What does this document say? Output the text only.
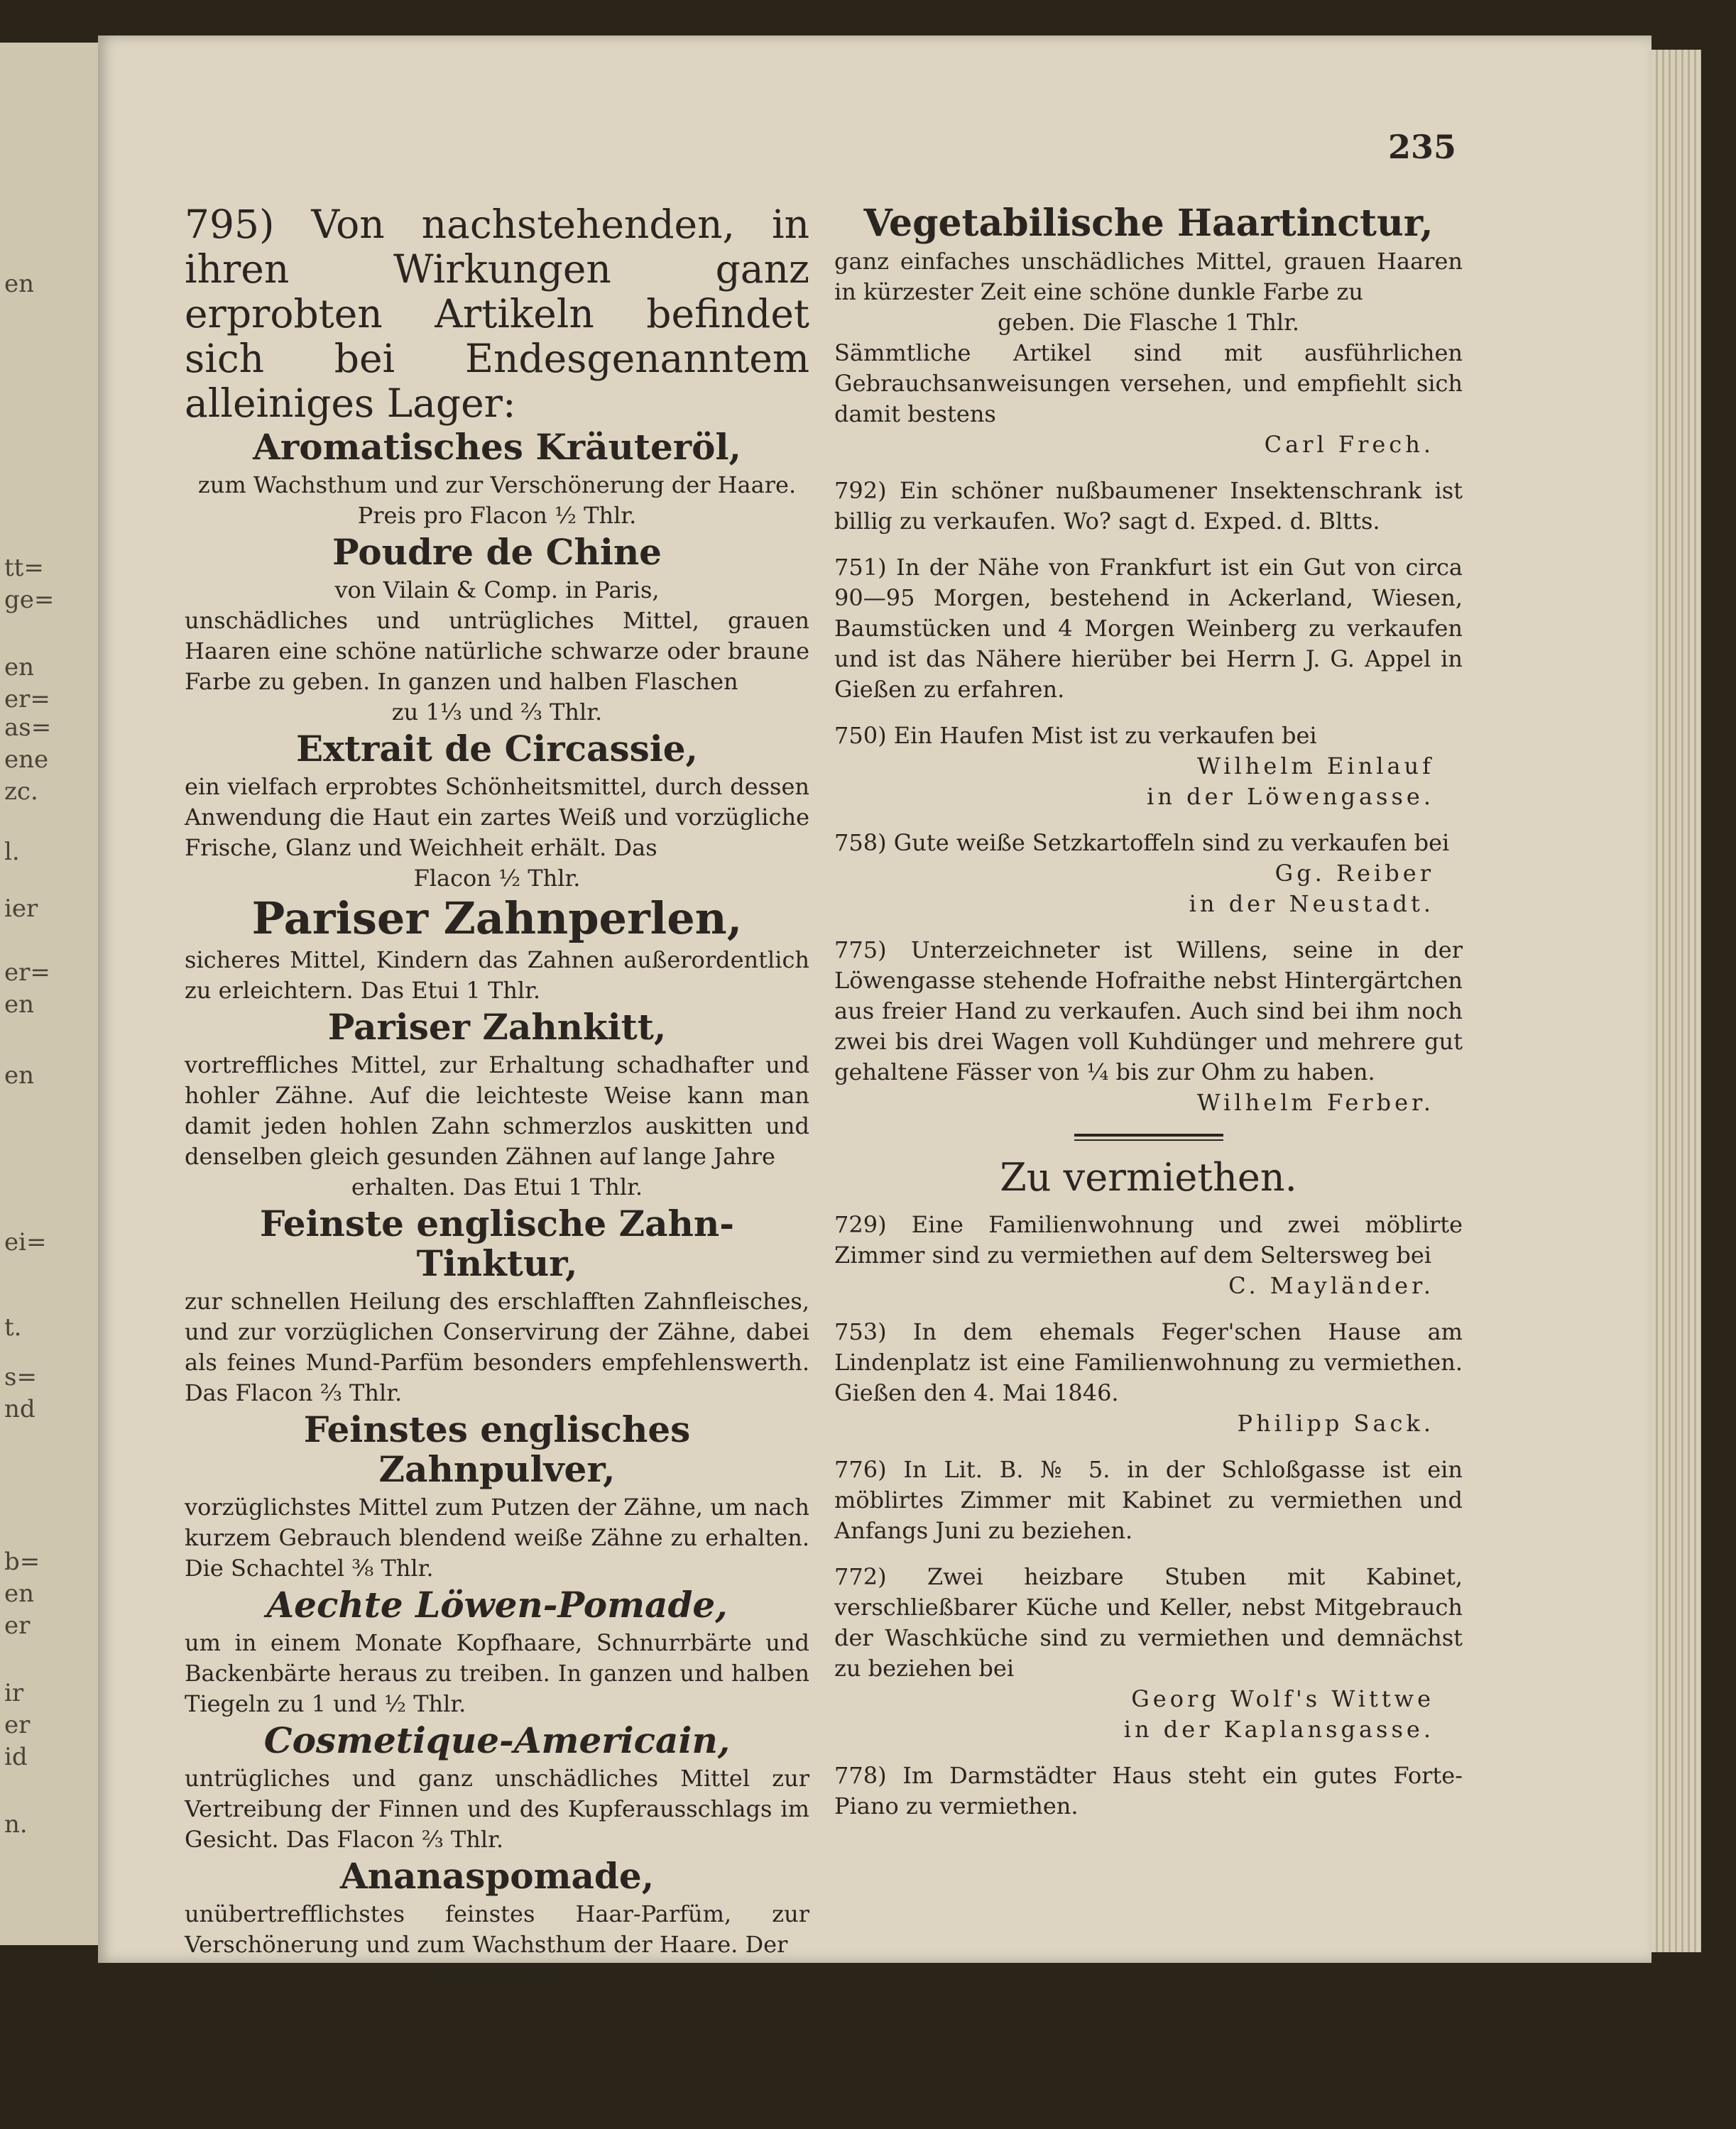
en
tt=
ge=
en
er=
as=
ene
zc.
l.
ier
er=
en
en
ei=
t.
s=
nd
b=
en
er
ir
er
id
n.
235

795) Von nachstehenden, in ihren Wirkungen ganz erprobten Artikeln befindet sich bei Endesgenanntem alleiniges Lager:

Aromatisches Kräuteröl,

zum Wachsthum und zur Verschönerung der Haare.

Preis pro Flacon ½ Thlr.

Poudre de Chine

von Vilain & Comp. in Paris,

unschädliches und untrügliches Mittel, grauen Haaren eine schöne natürliche schwarze oder braune Farbe zu geben. In ganzen und halben Flaschen

zu 1⅓ und ⅔ Thlr.

Extrait de Circassie,

ein vielfach erprobtes Schönheitsmittel, durch dessen Anwendung die Haut ein zartes Weiß und vorzügliche Frische, Glanz und Weichheit erhält. Das

Flacon ½ Thlr.

Pariser Zahnperlen,

sicheres Mittel, Kindern das Zahnen außerordentlich zu erleichtern. Das Etui 1 Thlr.

Pariser Zahnkitt,

vortreffliches Mittel, zur Erhaltung schadhafter und hohler Zähne. Auf die leichteste Weise kann man damit jeden hohlen Zahn schmerzlos auskitten und denselben gleich gesunden Zähnen auf lange Jahre

erhalten. Das Etui 1 Thlr.

Feinste englische Zahn-Tinktur,

zur schnellen Heilung des erschlafften Zahnfleisches, und zur vorzüglichen Conservirung der Zähne, dabei als feines Mund-Parfüm besonders empfehlenswerth. Das Flacon ⅔ Thlr.

Feinstes englisches Zahnpulver,

vorzüglichstes Mittel zum Putzen der Zähne, um nach kurzem Gebrauch blendend weiße Zähne zu erhalten. Die Schachtel ⅜ Thlr.

Aechte Löwen-Pomade,

um in einem Monate Kopfhaare, Schnurrbärte und Backenbärte heraus zu treiben. In ganzen und halben Tiegeln zu 1 und ½ Thlr.

Cosmetique-Americain,

untrügliches und ganz unschädliches Mittel zur Vertreibung der Finnen und des Kupferausschlags im Gesicht. Das Flacon ⅔ Thlr.

Ananaspomade,

unübertrefflichstes feinstes Haar-Parfüm, zur Verschönerung und zum Wachsthum der Haare. Der

Topf ⅔ Thlr.

Vegetabilische Haartinctur,

ganz einfaches unschädliches Mittel, grauen Haaren in kürzester Zeit eine schöne dunkle Farbe zu

geben. Die Flasche 1 Thlr.

Sämmtliche Artikel sind mit ausführlichen Gebrauchsanweisungen versehen, und empfiehlt sich damit bestens

Carl Frech.

792) Ein schöner nußbaumener Insektenschrank ist billig zu verkaufen. Wo? sagt d. Exped. d. Bltts.

751) In der Nähe von Frankfurt ist ein Gut von circa 90—95 Morgen, bestehend in Ackerland, Wiesen, Baumstücken und 4 Morgen Weinberg zu verkaufen und ist das Nähere hierüber bei Herrn J. G. Appel in Gießen zu erfahren.

750) Ein Haufen Mist ist zu verkaufen bei

Wilhelm Einlauf

in der Löwengasse.

758) Gute weiße Setzkartoffeln sind zu verkaufen bei

Gg. Reiber

in der Neustadt.

775) Unterzeichneter ist Willens, seine in der Löwengasse stehende Hofraithe nebst Hintergärtchen aus freier Hand zu verkaufen. Auch sind bei ihm noch zwei bis drei Wagen voll Kuhdünger und mehrere gut gehaltene Fässer von ¼ bis zur Ohm zu haben.

Wilhelm Ferber.

Zu vermiethen.

729) Eine Familienwohnung und zwei möblirte Zimmer sind zu vermiethen auf dem Seltersweg bei

C. Mayländer.

753) In dem ehemals Feger'schen Hause am Lindenplatz ist eine Familienwohnung zu vermiethen. Gießen den 4. Mai 1846.

Philipp Sack.

776) In Lit. B. № 5. in der Schloßgasse ist ein möblirtes Zimmer mit Kabinet zu vermiethen und Anfangs Juni zu beziehen.

772) Zwei heizbare Stuben mit Kabinet, verschließbarer Küche und Keller, nebst Mitgebrauch der Waschküche sind zu vermiethen und demnächst zu beziehen bei

Georg Wolf's Wittwe

in der Kaplansgasse.

778) Im Darmstädter Haus steht ein gutes Forte-Piano zu vermiethen.
